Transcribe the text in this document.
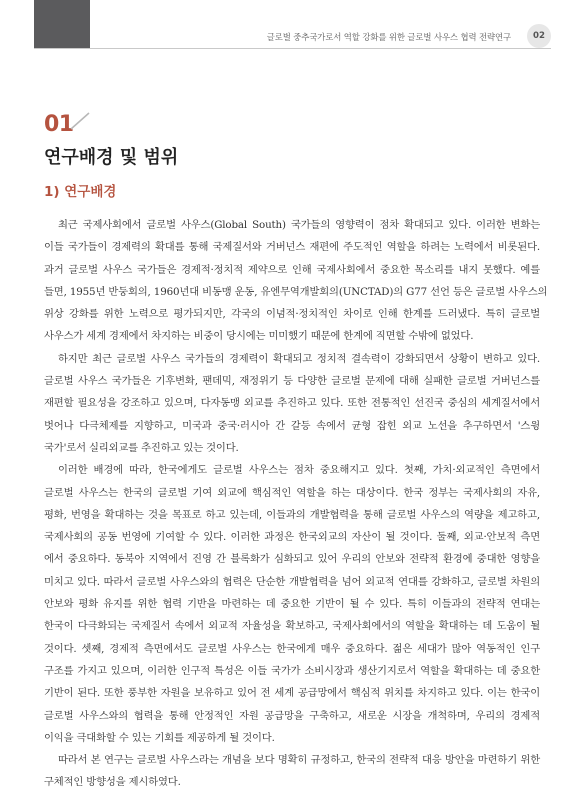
글로벌 중추국가로서 역할 강화를 위한 글로벌 사우스 협력 전략연구	02
01
연구배경 및 범위
1) 연구배경
최근 국제사회에서 글로벌 사우스(Global South) 국가들의 영향력이 점차 확대되고 있다. 이러한 변화는
이들 국가들이 경제력의 확대를 통해 국제질서와 거버넌스 재편에 주도적인 역할을 하려는 노력에서 비롯된다.
과거 글로벌 사우스 국가들은 경제적·정치적 제약으로 인해 국제사회에서 중요한 목소리를 내지 못했다. 예를
들면, 1955년 반둥회의, 1960년대 비동맹 운동, 유엔무역개발회의(UNCTAD)의 G77 선언 등은 글로벌 사우스의
위상 강화를 위한 노력으로 평가되지만, 각국의 이념적·정치적인 차이로 인해 한계를 드러냈다. 특히 글로벌
사우스가 세계 경제에서 차지하는 비중이 당시에는 미미했기 때문에 한계에 직면할 수밖에 없었다.
하지만 최근 글로벌 사우스 국가들의 경제력이 확대되고 정치적 결속력이 강화되면서 상황이 변하고 있다.
글로벌 사우스 국가들은 기후변화, 팬데믹, 재정위기 등 다양한 글로벌 문제에 대해 실패한 글로벌 거버넌스를
재편할 필요성을 강조하고 있으며, 다자동맹 외교를 추진하고 있다. 또한 전통적인 선진국 중심의 세계질서에서
벗어나 다극체제를 지향하고, 미국과 중국·러시아 간 갈등 속에서 균형 잡힌 외교 노선을 추구하면서 '스윙
국가'로서 실리외교를 추진하고 있는 것이다.
이러한 배경에 따라, 한국에게도 글로벌 사우스는 점차 중요해지고 있다. 첫째, 가치·외교적인 측면에서
글로벌 사우스는 한국의 글로벌 기여 외교에 핵심적인 역할을 하는 대상이다. 한국 정부는 국제사회의 자유,
평화, 번영을 확대하는 것을 목표로 하고 있는데, 이들과의 개발협력을 통해 글로벌 사우스의 역량을 제고하고,
국제사회의 공동 번영에 기여할 수 있다. 이러한 과정은 한국외교의 자산이 될 것이다. 둘째, 외교·안보적 측면
에서 중요하다. 동북아 지역에서 진영 간 블록화가 심화되고 있어 우리의 안보와 전략적 환경에 중대한 영향을
미치고 있다. 따라서 글로벌 사우스와의 협력은 단순한 개발협력을 넘어 외교적 연대를 강화하고, 글로벌 차원의
안보와 평화 유지를 위한 협력 기반을 마련하는 데 중요한 기반이 될 수 있다. 특히 이들과의 전략적 연대는
한국이 다극화되는 국제질서 속에서 외교적 자율성을 확보하고, 국제사회에서의 역할을 확대하는 데 도움이 될
것이다. 셋째, 경제적 측면에서도 글로벌 사우스는 한국에게 매우 중요하다. 젊은 세대가 많아 역동적인 인구
구조를 가지고 있으며, 이러한 인구적 특성은 이들 국가가 소비시장과 생산기지로서 역할을 확대하는 데 중요한
기반이 된다. 또한 풍부한 자원을 보유하고 있어 전 세계 공급망에서 핵심적 위치를 차지하고 있다. 이는 한국이
글로벌 사우스와의 협력을 통해 안정적인 자원 공급망을 구축하고, 새로운 시장을 개척하며, 우리의 경제적
이익을 극대화할 수 있는 기회를 제공하게 될 것이다.
따라서 본 연구는 글로벌 사우스라는 개념을 보다 명확히 규정하고, 한국의 전략적 대응 방안을 마련하기 위한
구체적인 방향성을 제시하였다.
